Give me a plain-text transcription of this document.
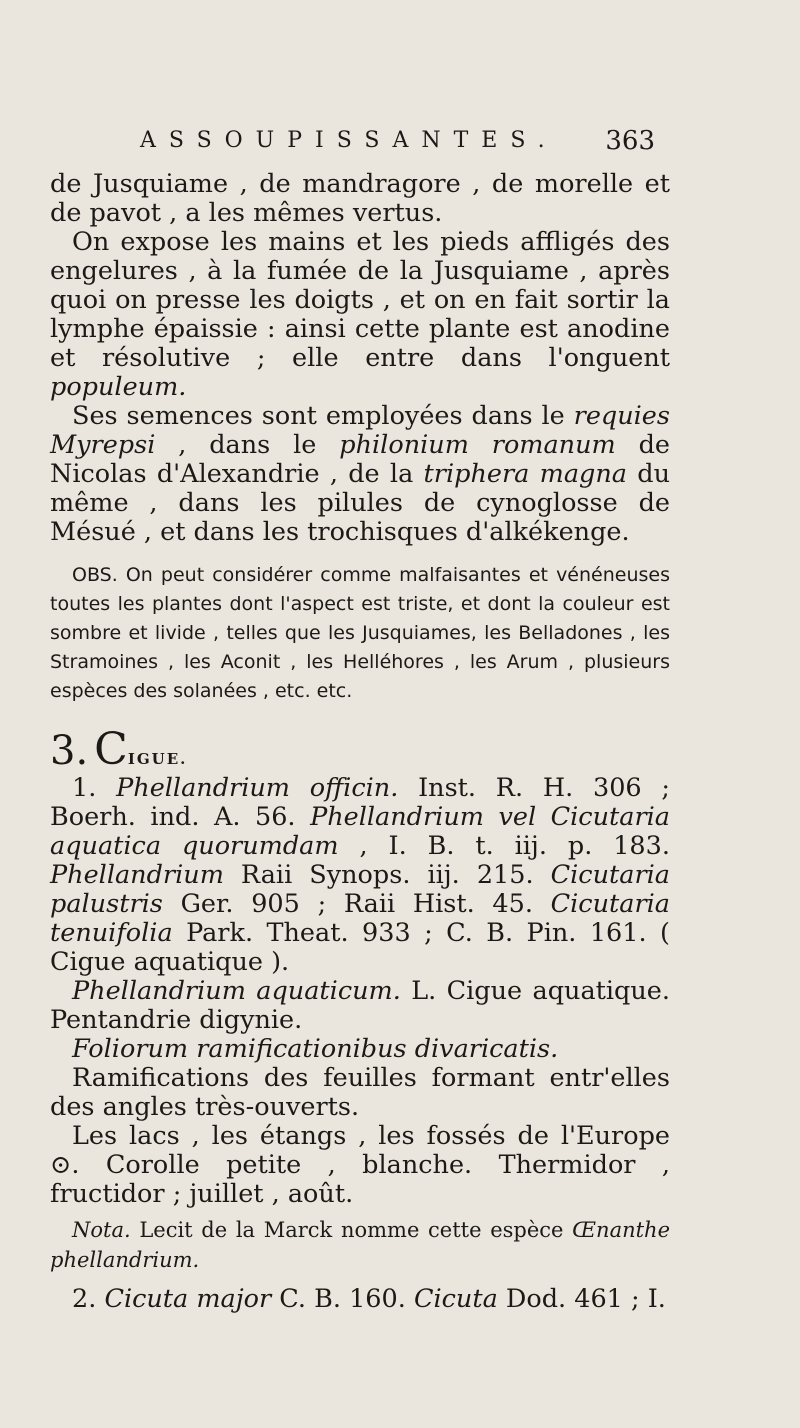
ASSOUPISSANTES. 363

de Jusquiame , de mandragore , de morelle et de pavot , a les mêmes vertus.

On expose les mains et les pieds affligés des engelures , à la fumée de la Jusquiame , après quoi on presse les doigts , et on en fait sortir la lymphe épaissie : ainsi cette plante est anodine et résolutive ; elle entre dans l'onguent populeum.

Ses semences sont employées dans le requies Myrepsi , dans le philonium romanum de Nicolas d'Alexandrie , de la triphera magna du même , dans les pilules de cynoglosse de Mésué , et dans les trochisques d'alkékenge.

OBS. On peut considérer comme malfaisantes et vénéneuses toutes les plantes dont l'aspect est triste, et dont la couleur est sombre et livide , telles que les Jusquiames, les Belladones , les Stramoines , les Aconit , les Helléhores , les Arum , plusieurs espèces des solanées , etc. etc.

3. CIGUE.

1. Phellandrium officin. Inst. R. H. 306 ; Boerh. ind. A. 56. Phellandrium vel Cicutaria aquatica quorumdam , I. B. t. iij. p. 183. Phellandrium Raii Synops. iij. 215. Cicutaria palustris Ger. 905 ; Raii Hist. 45. Cicutaria tenuifolia Park. Theat. 933 ; C. B. Pin. 161. ( Cigue aquatique ).

Phellandrium aquaticum. L. Cigue aquatique. Pentandrie digynie.

Foliorum ramificationibus divaricatis.

Ramifications des feuilles formant entr'elles des angles très-ouverts.

Les lacs , les étangs , les fossés de l'Europe ⊙. Corolle petite , blanche. Thermidor , fructidor ; juillet , août.

Nota. Lecit de la Marck nomme cette espèce Œnanthe phellandrium.

2. Cicuta major C. B. 160. Cicuta Dod. 461 ; I.
